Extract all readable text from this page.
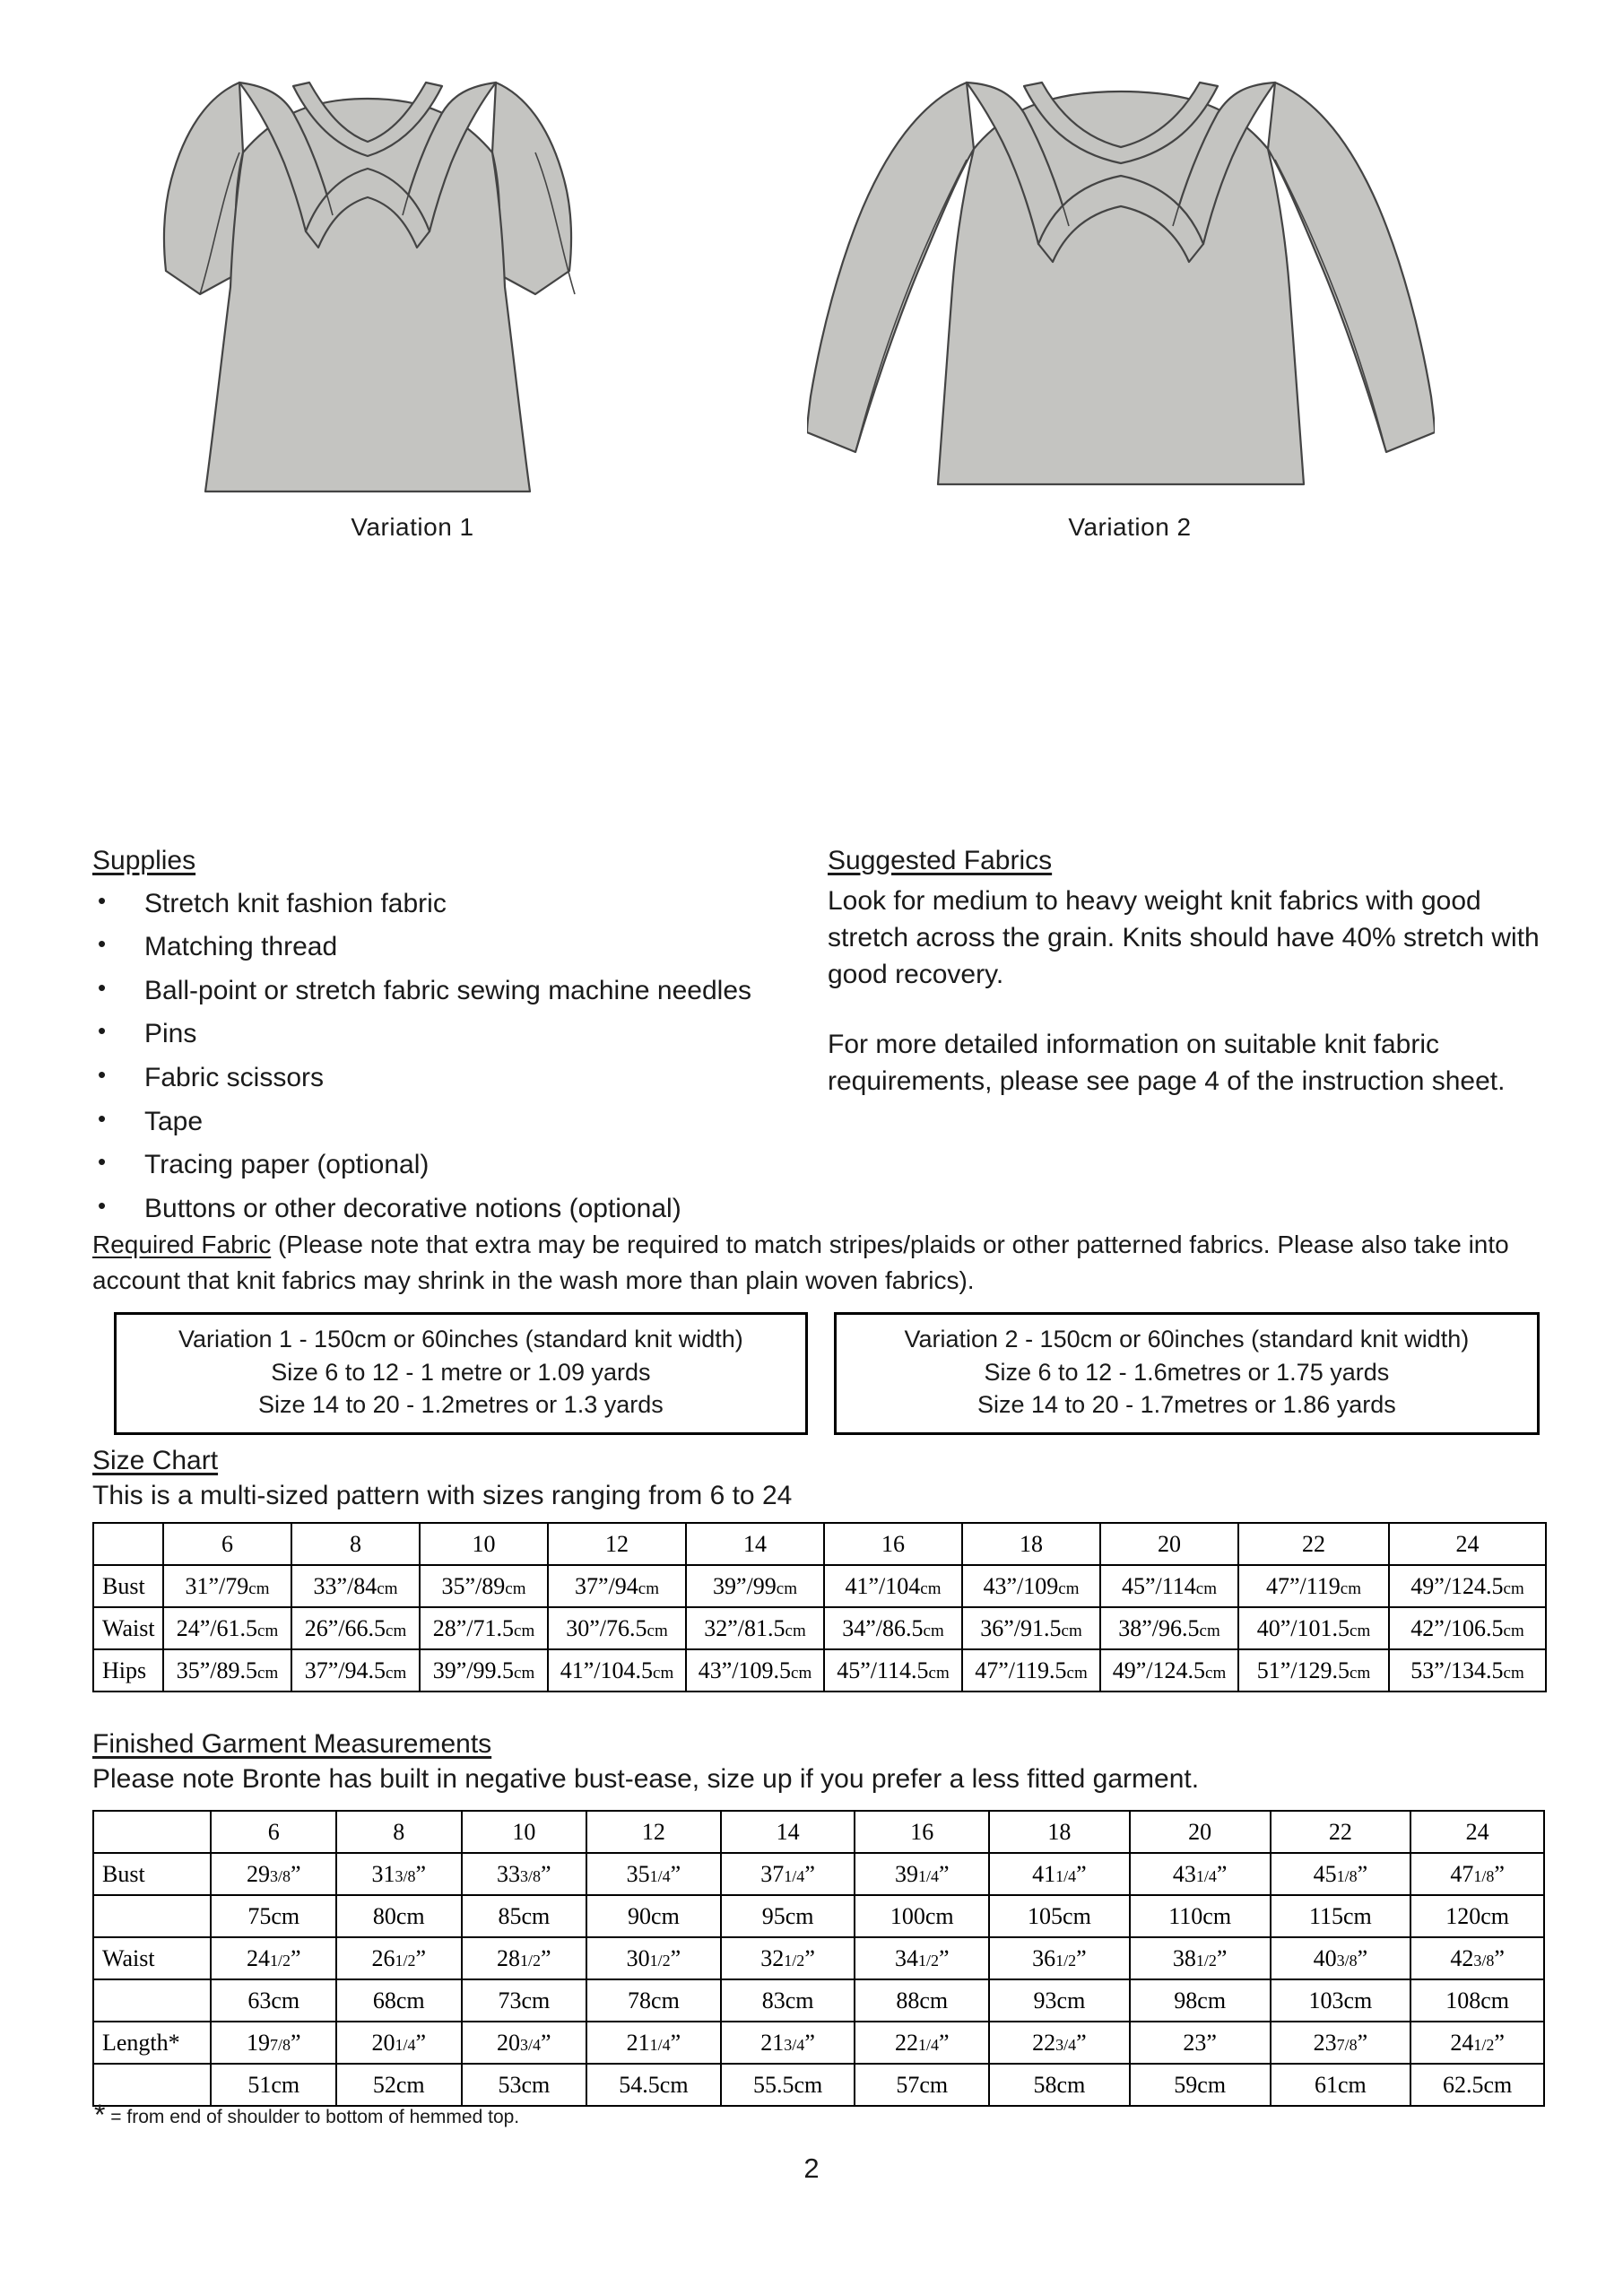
Variation 1	Variation 2
Supplies
• Stretch knit fashion fabric
• Matching thread
• Ball-point or stretch fabric sewing machine needles
• Pins
• Fabric scissors
• Tape
• Tracing paper (optional)
• Buttons or other decorative notions (optional)
Suggested Fabrics

Look for medium to heavy weight knit fabrics with good stretch across the grain. Knits should have 40% stretch with good recovery.

For more detailed information on suitable knit fabric requirements, please see page 4 of the instruction sheet.

Required Fabric (Please note that extra may be required to match stripes/plaids or other patterned fabrics. Please also take into account that knit fabrics may shrink in the wash more than plain woven fabrics).
Variation 1 - 150cm or 60inches (standard knit width)
Size 6 to 12 - 1 metre or 1.09 yards
Size 14 to 20 - 1.2metres or 1.3 yards
Variation 2 - 150cm or 60inches (standard knit width)
Size 6 to 12 - 1.6metres or 1.75 yards
Size 14 to 20 - 1.7metres or 1.86 yards
Size Chart
This is a multi-sized pattern with sizes ranging from 6 to 24
	6	8	10	12	14	16	18	20	22	24
Bust	31”/79cm	33”/84cm	35”/89cm	37”/94cm	39”/99cm	41”/104cm	43”/109cm	45”/114cm	47”/119cm	49”/124.5cm
Waist	24”/61.5cm	26”/66.5cm	28”/71.5cm	30”/76.5cm	32”/81.5cm	34”/86.5cm	36”/91.5cm	38”/96.5cm	40”/101.5cm	42”/106.5cm
Hips	35”/89.5cm	37”/94.5cm	39”/99.5cm	41”/104.5cm	43”/109.5cm	45”/114.5cm	47”/119.5cm	49”/124.5cm	51”/129.5cm	53”/134.5cm
Finished Garment Measurements
Please note Bronte has built in negative bust-ease, size up if you prefer a less fitted garment.
	6	8	10	12	14	16	18	20	22	24
Bust	293/8”	313/8”	333/8”	351/4”	371/4”	391/4”	411/4”	431/4”	451/8”	471/8”
	75cm	80cm	85cm	90cm	95cm	100cm	105cm	110cm	115cm	120cm
Waist	241/2”	261/2”	281/2”	301/2”	321/2”	341/2”	361/2”	381/2”	403/8”	423/8”
	63cm	68cm	73cm	78cm	83cm	88cm	93cm	98cm	103cm	108cm
Length*	197/8”	201/4”	203/4”	211/4”	213/4”	221/4”	223/4”	23”	237/8”	241/2”
	51cm	52cm	53cm	54.5cm	55.5cm	57cm	58cm	59cm	61cm	62.5cm
* = from end of shoulder to bottom of hemmed top.
2
